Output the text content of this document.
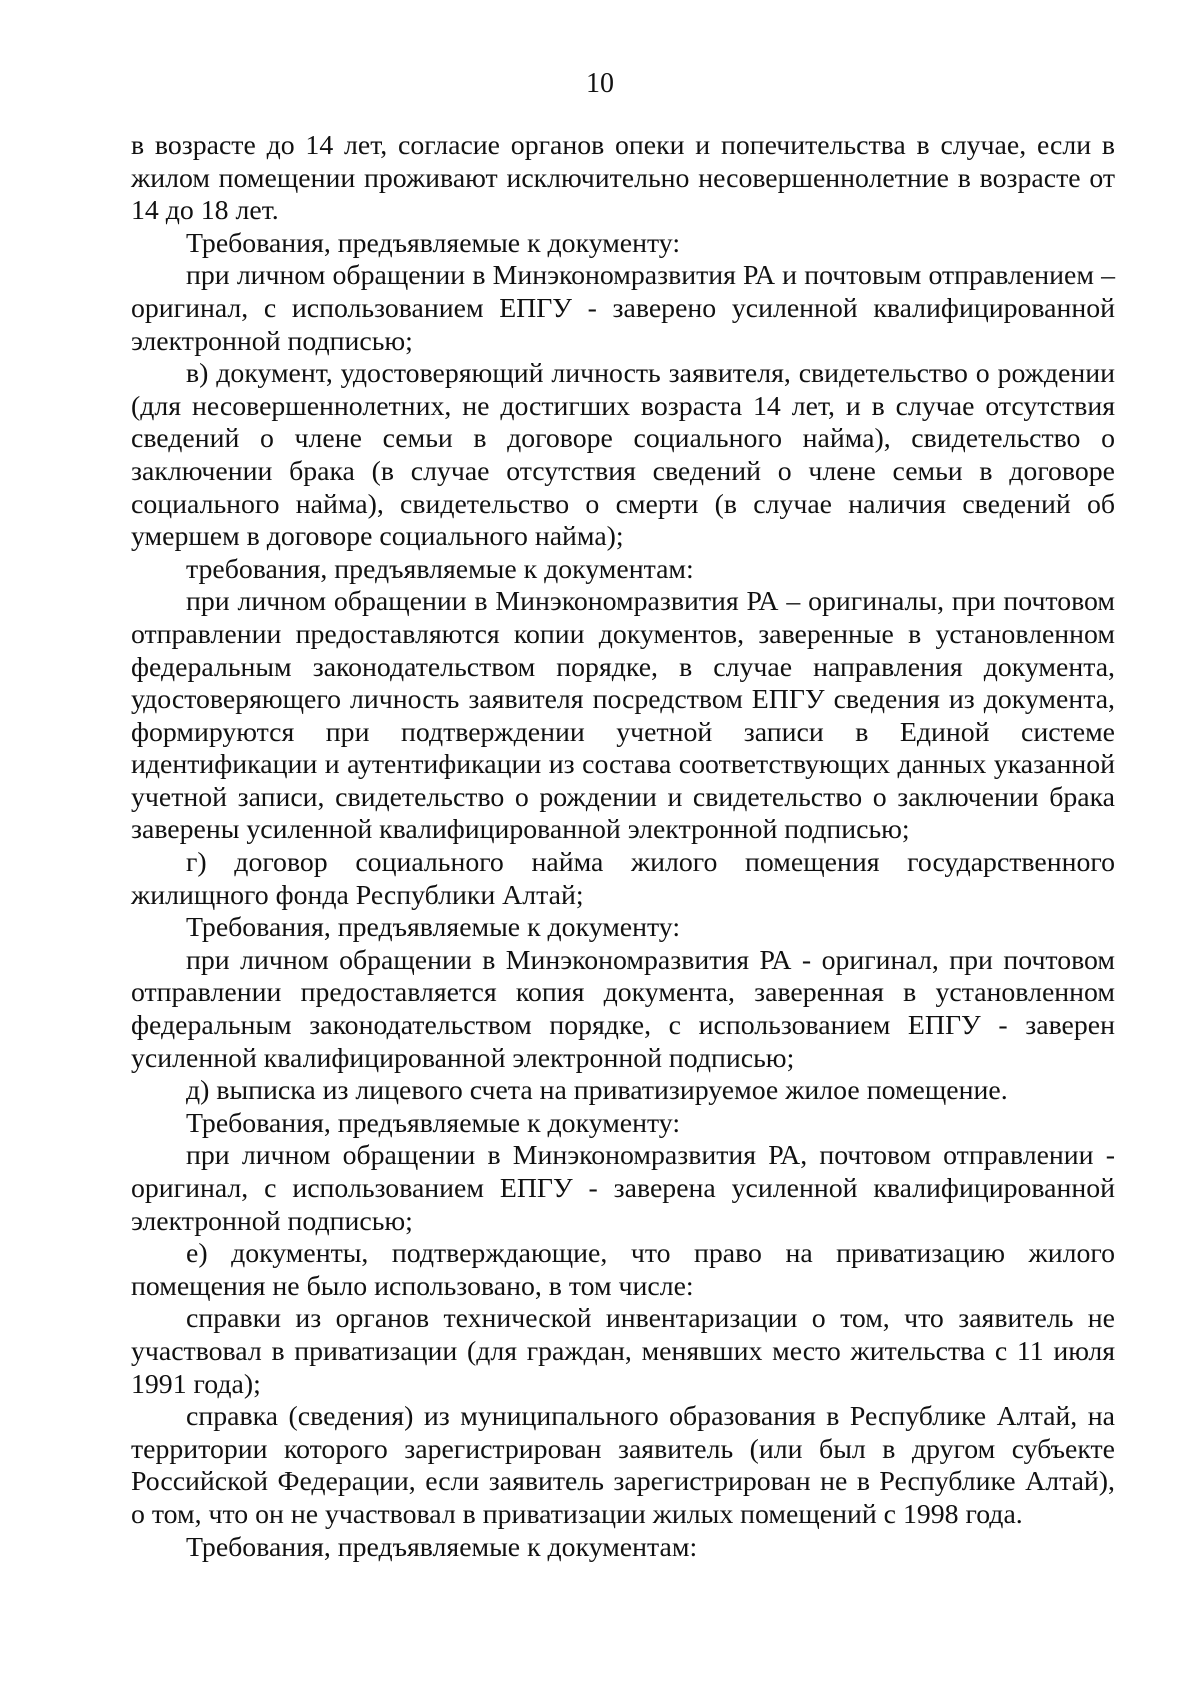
10

в возрасте до 14 лет, согласие органов опеки и попечительства в случае, если в жилом помещении проживают исключительно несовершеннолетние в возрасте от 14 до 18 лет.

Требования, предъявляемые к документу:

при личном обращении в Минэкономразвития РА и почтовым отправлением – оригинал, с использованием ЕПГУ - заверено усиленной квалифицированной электронной подписью;

в) документ, удостоверяющий личность заявителя, свидетельство о рождении (для несовершеннолетних, не достигших возраста 14 лет, и в случае отсутствия сведений о члене семьи в договоре социального найма), свидетельство о заключении брака (в случае отсутствия сведений о члене семьи в договоре социального найма), свидетельство о смерти (в случае наличия сведений об умершем в договоре социального найма);

требования, предъявляемые к документам:

при личном обращении в Минэкономразвития РА – оригиналы, при почтовом отправлении предоставляются копии документов, заверенные в установленном федеральным законодательством порядке, в случае направления документа, удостоверяющего личность заявителя посредством ЕПГУ сведения из документа, формируются при подтверждении учетной записи в Единой системе идентификации и аутентификации из состава соответствующих данных указанной учетной записи, свидетельство о рождении и свидетельство о заключении брака заверены усиленной квалифицированной электронной подписью;

г) договор социального найма жилого помещения государственного жилищного фонда Республики Алтай;

Требования, предъявляемые к документу:

при личном обращении в Минэкономразвития РА - оригинал, при почтовом отправлении предоставляется копия документа, заверенная в установленном федеральным законодательством порядке, с использованием ЕПГУ - заверен усиленной квалифицированной электронной подписью;

д) выписка из лицевого счета на приватизируемое жилое помещение.

Требования, предъявляемые к документу:

при личном обращении в Минэкономразвития РА, почтовом отправлении - оригинал, с использованием ЕПГУ - заверена усиленной квалифицированной электронной подписью;

е) документы, подтверждающие, что право на приватизацию жилого помещения не было использовано, в том числе:

справки из органов технической инвентаризации о том, что заявитель не участвовал в приватизации (для граждан, менявших место жительства с 11 июля 1991 года);

справка (сведения) из муниципального образования в Республике Алтай, на территории которого зарегистрирован заявитель (или был в другом субъекте Российской Федерации, если заявитель зарегистрирован не в Республике Алтай), о том, что он не участвовал в приватизации жилых помещений с 1998 года.

Требования, предъявляемые к документам:
